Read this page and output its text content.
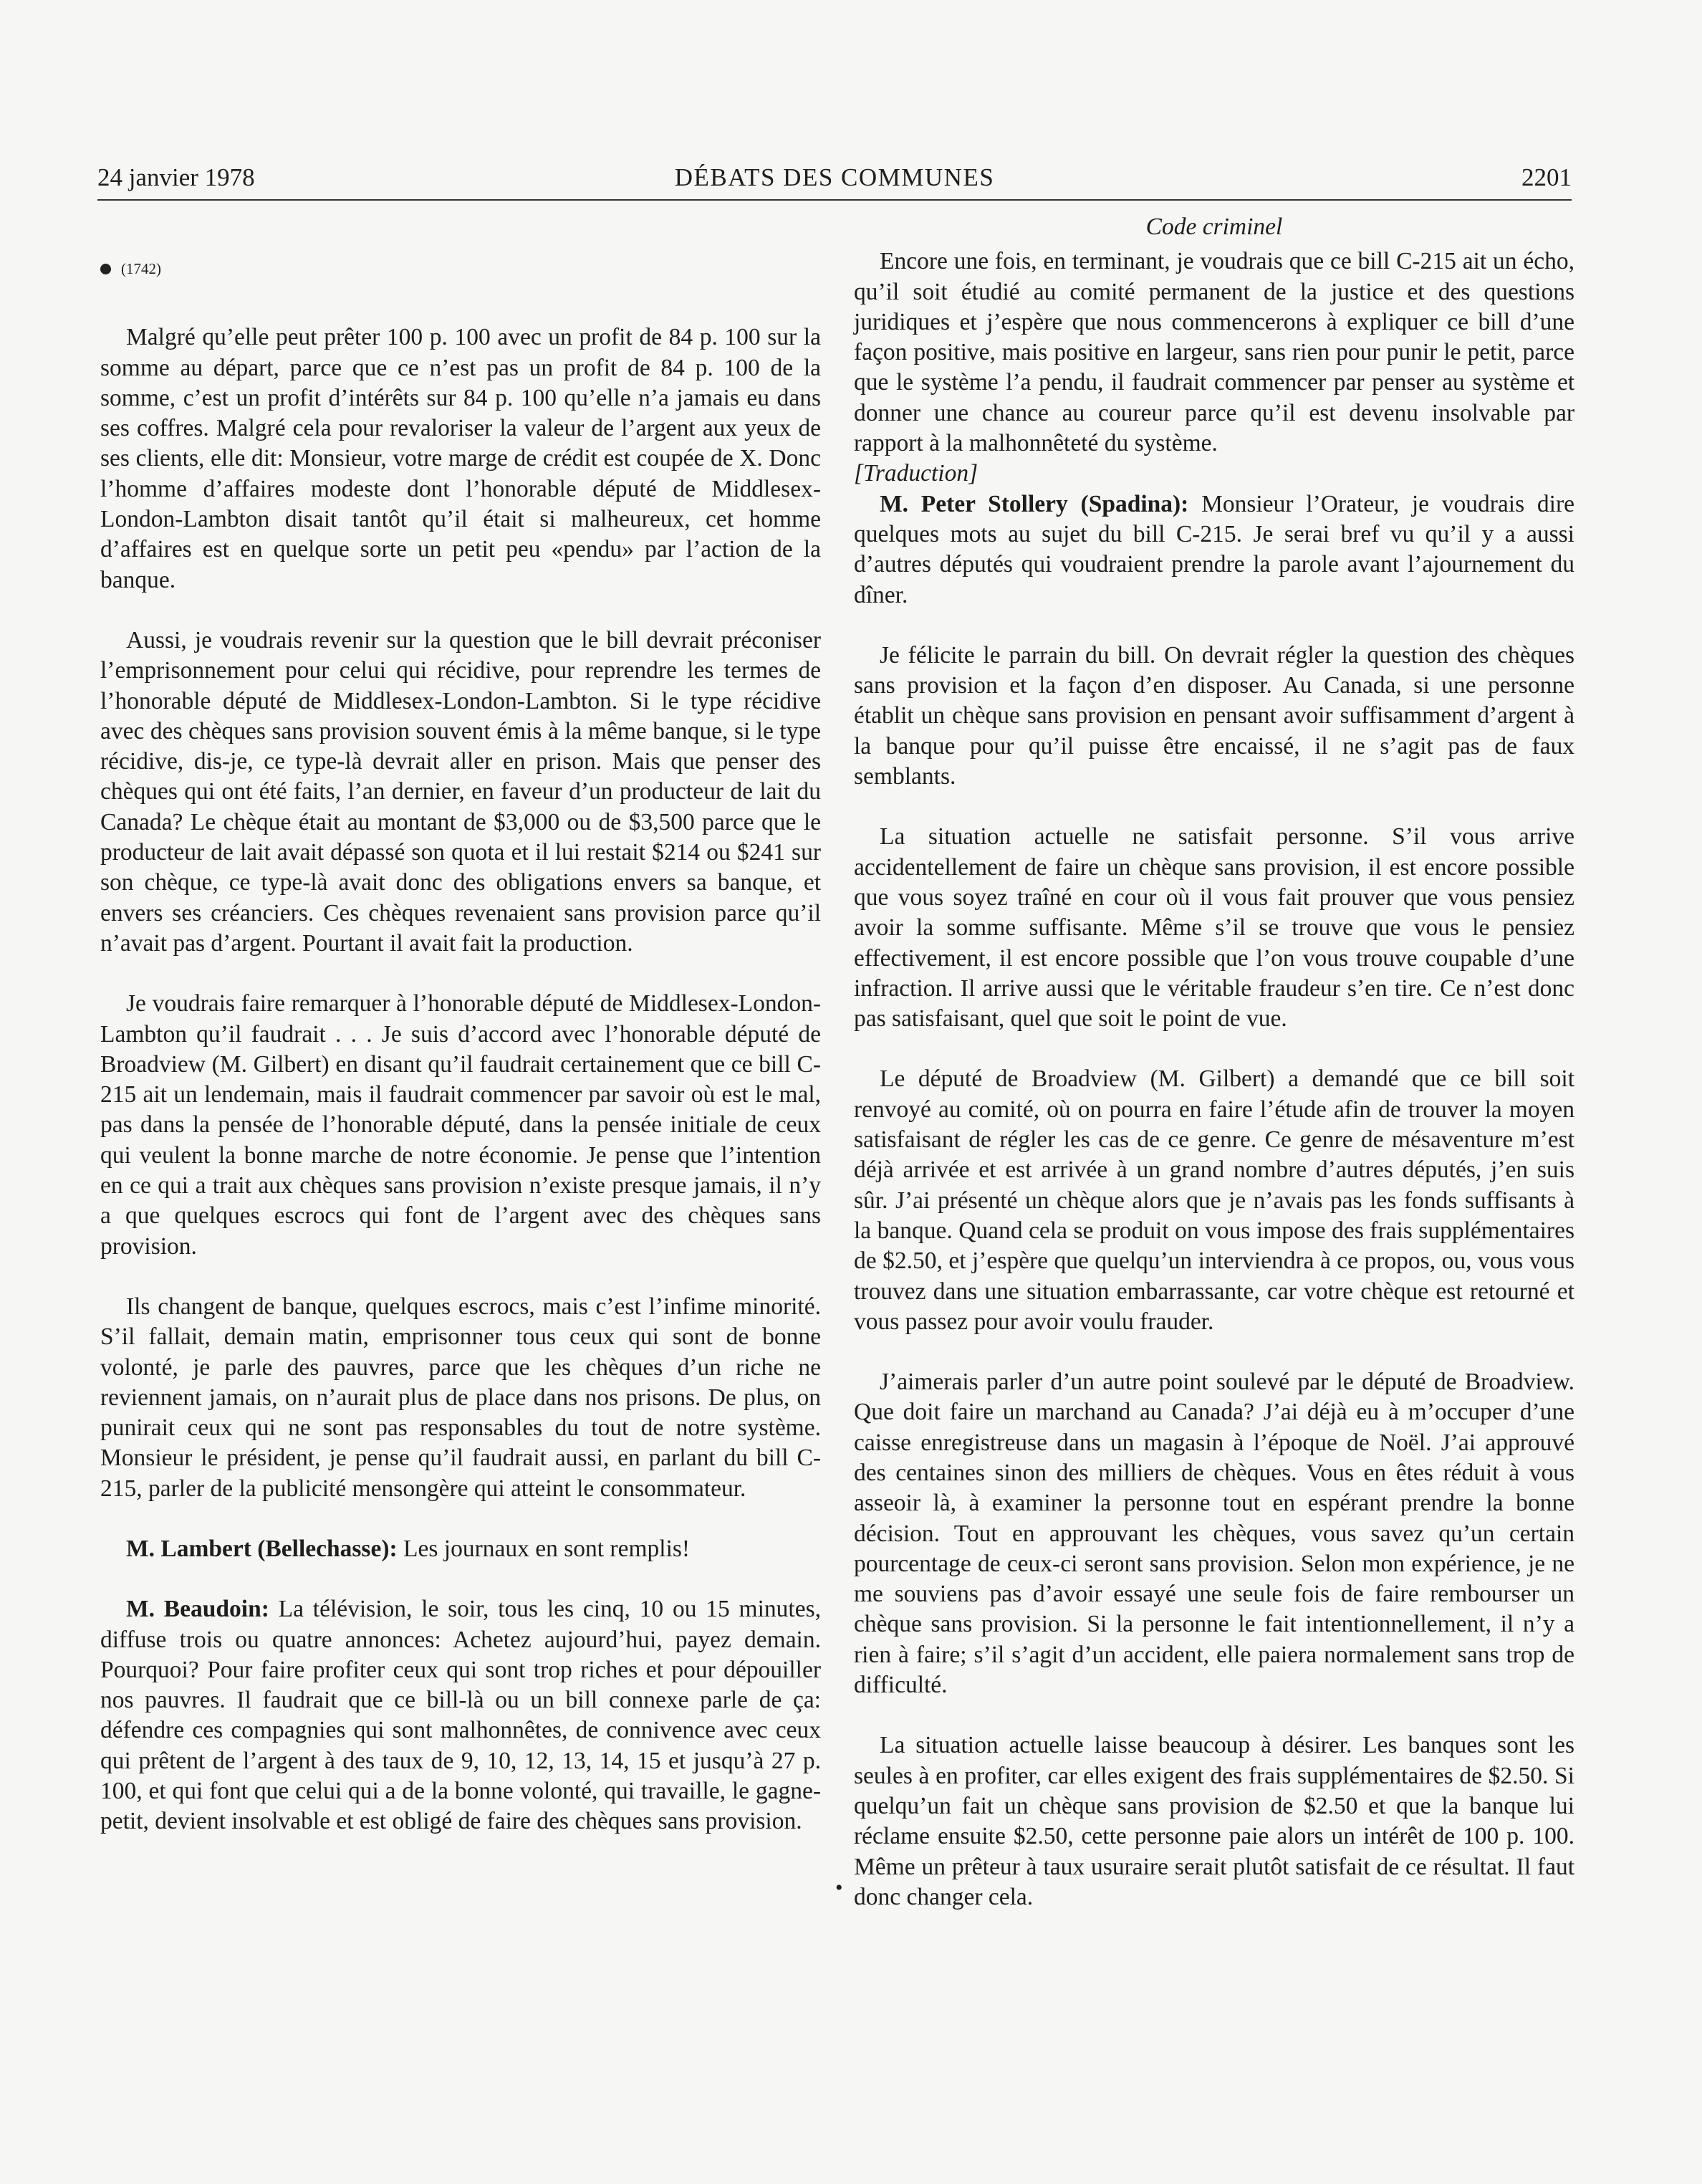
24 janvier 1978	DÉBATS DES COMMUNES	2201
(1742)

Malgré qu’elle peut prêter 100 p. 100 avec un profit de 84 p. 100 sur la somme au départ, parce que ce n’est pas un profit de 84 p. 100 de la somme, c’est un profit d’intérêts sur 84 p. 100 qu’elle n’a jamais eu dans ses coffres. Malgré cela pour revaloriser la valeur de l’argent aux yeux de ses clients, elle dit: Monsieur, votre marge de crédit est coupée de X. Donc l’homme d’affaires modeste dont l’honorable député de Middlesex-London-Lambton disait tantôt qu’il était si malheureux, cet homme d’affaires est en quelque sorte un petit peu «pendu» par l’action de la banque.

Aussi, je voudrais revenir sur la question que le bill devrait préconiser l’emprisonnement pour celui qui récidive, pour reprendre les termes de l’honorable député de Middlesex-London-Lambton. Si le type récidive avec des chèques sans provision souvent émis à la même banque, si le type récidive, dis-je, ce type-là devrait aller en prison. Mais que penser des chèques qui ont été faits, l’an dernier, en faveur d’un producteur de lait du Canada? Le chèque était au montant de $3,000 ou de $3,500 parce que le producteur de lait avait dépassé son quota et il lui restait $214 ou $241 sur son chèque, ce type-là avait donc des obligations envers sa banque, et envers ses créanciers. Ces chèques revenaient sans provision parce qu’il n’avait pas d’argent. Pourtant il avait fait la production.

Je voudrais faire remarquer à l’honorable député de Middlesex-London-Lambton qu’il faudrait . . . Je suis d’accord avec l’honorable député de Broadview (M. Gilbert) en disant qu’il faudrait certainement que ce bill C-215 ait un lendemain, mais il faudrait commencer par savoir où est le mal, pas dans la pensée de l’honorable député, dans la pensée initiale de ceux qui veulent la bonne marche de notre économie. Je pense que l’intention en ce qui a trait aux chèques sans provision n’existe presque jamais, il n’y a que quelques escrocs qui font de l’argent avec des chèques sans provision.

Ils changent de banque, quelques escrocs, mais c’est l’infime minorité. S’il fallait, demain matin, emprisonner tous ceux qui sont de bonne volonté, je parle des pauvres, parce que les chèques d’un riche ne reviennent jamais, on n’aurait plus de place dans nos prisons. De plus, on punirait ceux qui ne sont pas responsables du tout de notre système. Monsieur le président, je pense qu’il faudrait aussi, en parlant du bill C-215, parler de la publicité mensongère qui atteint le consommateur.

M. Lambert (Bellechasse): Les journaux en sont remplis!

M. Beaudoin: La télévision, le soir, tous les cinq, 10 ou 15 minutes, diffuse trois ou quatre annonces: Achetez aujourd’hui, payez demain. Pourquoi? Pour faire profiter ceux qui sont trop riches et pour dépouiller nos pauvres. Il faudrait que ce bill-là ou un bill connexe parle de ça: défendre ces compagnies qui sont malhonnêtes, de connivence avec ceux qui prêtent de l’argent à des taux de 9, 10, 12, 13, 14, 15 et jusqu’à 27 p. 100, et qui font que celui qui a de la bonne volonté, qui travaille, le gagne-petit, devient insolvable et est obligé de faire des chèques sans provision.

•
Code criminel

Encore une fois, en terminant, je voudrais que ce bill C-215 ait un écho, qu’il soit étudié au comité permanent de la justice et des questions juridiques et j’espère que nous commencerons à expliquer ce bill d’une façon positive, mais positive en largeur, sans rien pour punir le petit, parce que le système l’a pendu, il faudrait commencer par penser au système et donner une chance au coureur parce qu’il est devenu insolvable par rapport à la malhonnêteté du système.

[Traduction]

M. Peter Stollery (Spadina): Monsieur l’Orateur, je voudrais dire quelques mots au sujet du bill C-215. Je serai bref vu qu’il y a aussi d’autres députés qui voudraient prendre la parole avant l’ajournement du dîner.

Je félicite le parrain du bill. On devrait régler la question des chèques sans provision et la façon d’en disposer. Au Canada, si une personne établit un chèque sans provision en pensant avoir suffisamment d’argent à la banque pour qu’il puisse être encaissé, il ne s’agit pas de faux semblants.

La situation actuelle ne satisfait personne. S’il vous arrive accidentellement de faire un chèque sans provision, il est encore possible que vous soyez traîné en cour où il vous fait prouver que vous pensiez avoir la somme suffisante. Même s’il se trouve que vous le pensiez effectivement, il est encore possible que l’on vous trouve coupable d’une infraction. Il arrive aussi que le véritable fraudeur s’en tire. Ce n’est donc pas satisfaisant, quel que soit le point de vue.

Le député de Broadview (M. Gilbert) a demandé que ce bill soit renvoyé au comité, où on pourra en faire l’étude afin de trouver la moyen satisfaisant de régler les cas de ce genre. Ce genre de mésaventure m’est déjà arrivée et est arrivée à un grand nombre d’autres députés, j’en suis sûr. J’ai présenté un chèque alors que je n’avais pas les fonds suffisants à la banque. Quand cela se produit on vous impose des frais supplémentaires de $2.50, et j’espère que quelqu’un interviendra à ce propos, ou, vous vous trouvez dans une situation embarrassante, car votre chèque est retourné et vous passez pour avoir voulu frauder.

J’aimerais parler d’un autre point soulevé par le député de Broadview. Que doit faire un marchand au Canada? J’ai déjà eu à m’occuper d’une caisse enregistreuse dans un magasin à l’époque de Noël. J’ai approuvé des centaines sinon des milliers de chèques. Vous en êtes réduit à vous asseoir là, à examiner la personne tout en espérant prendre la bonne décision. Tout en approuvant les chèques, vous savez qu’un certain pourcentage de ceux-ci seront sans provision. Selon mon expérience, je ne me souviens pas d’avoir essayé une seule fois de faire rembourser un chèque sans provision. Si la personne le fait intentionnellement, il n’y a rien à faire; s’il s’agit d’un accident, elle paiera normalement sans trop de difficulté.

La situation actuelle laisse beaucoup à désirer. Les banques sont les seules à en profiter, car elles exigent des frais supplémentaires de $2.50. Si quelqu’un fait un chèque sans provision de $2.50 et que la banque lui réclame ensuite $2.50, cette personne paie alors un intérêt de 100 p. 100. Même un prêteur à taux usuraire serait plutôt satisfait de ce résultat. Il faut donc changer cela.
